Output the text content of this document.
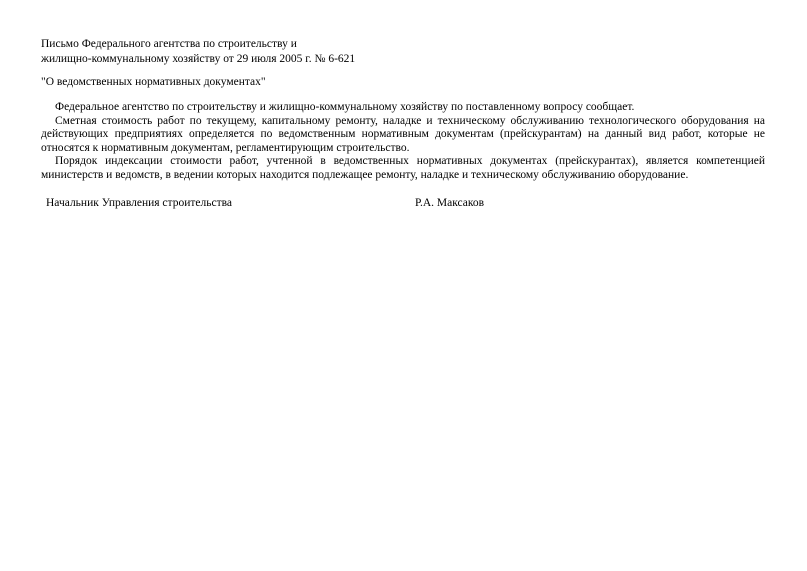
Письмо Федерального агентства по строительству и
жилищно-коммунальному хозяйству от 29 июля 2005 г. № 6-621
"О ведомственных нормативных документах"

Федеральное агентство по строительству и жилищно-коммунальному хозяйству по поставленному вопросу сообщает.

Сметная стоимость работ по текущему, капитальному ремонту, наладке и техническому обслуживанию технологического оборудования на действующих предприятиях определяется по ведомственным нормативным документам (прейскурантам) на данный вид работ, которые не относятся к нормативным документам, регламентирующим строительство.

Порядок индексации стоимости работ, учтенной в ведомственных нормативных документах (прейскурантах), является компетенцией министерств и ведомств, в ведении которых находится подлежащее ремонту, наладке и техническому обслуживанию оборудование.

Начальник Управления строительства	Р.А. Максаков
